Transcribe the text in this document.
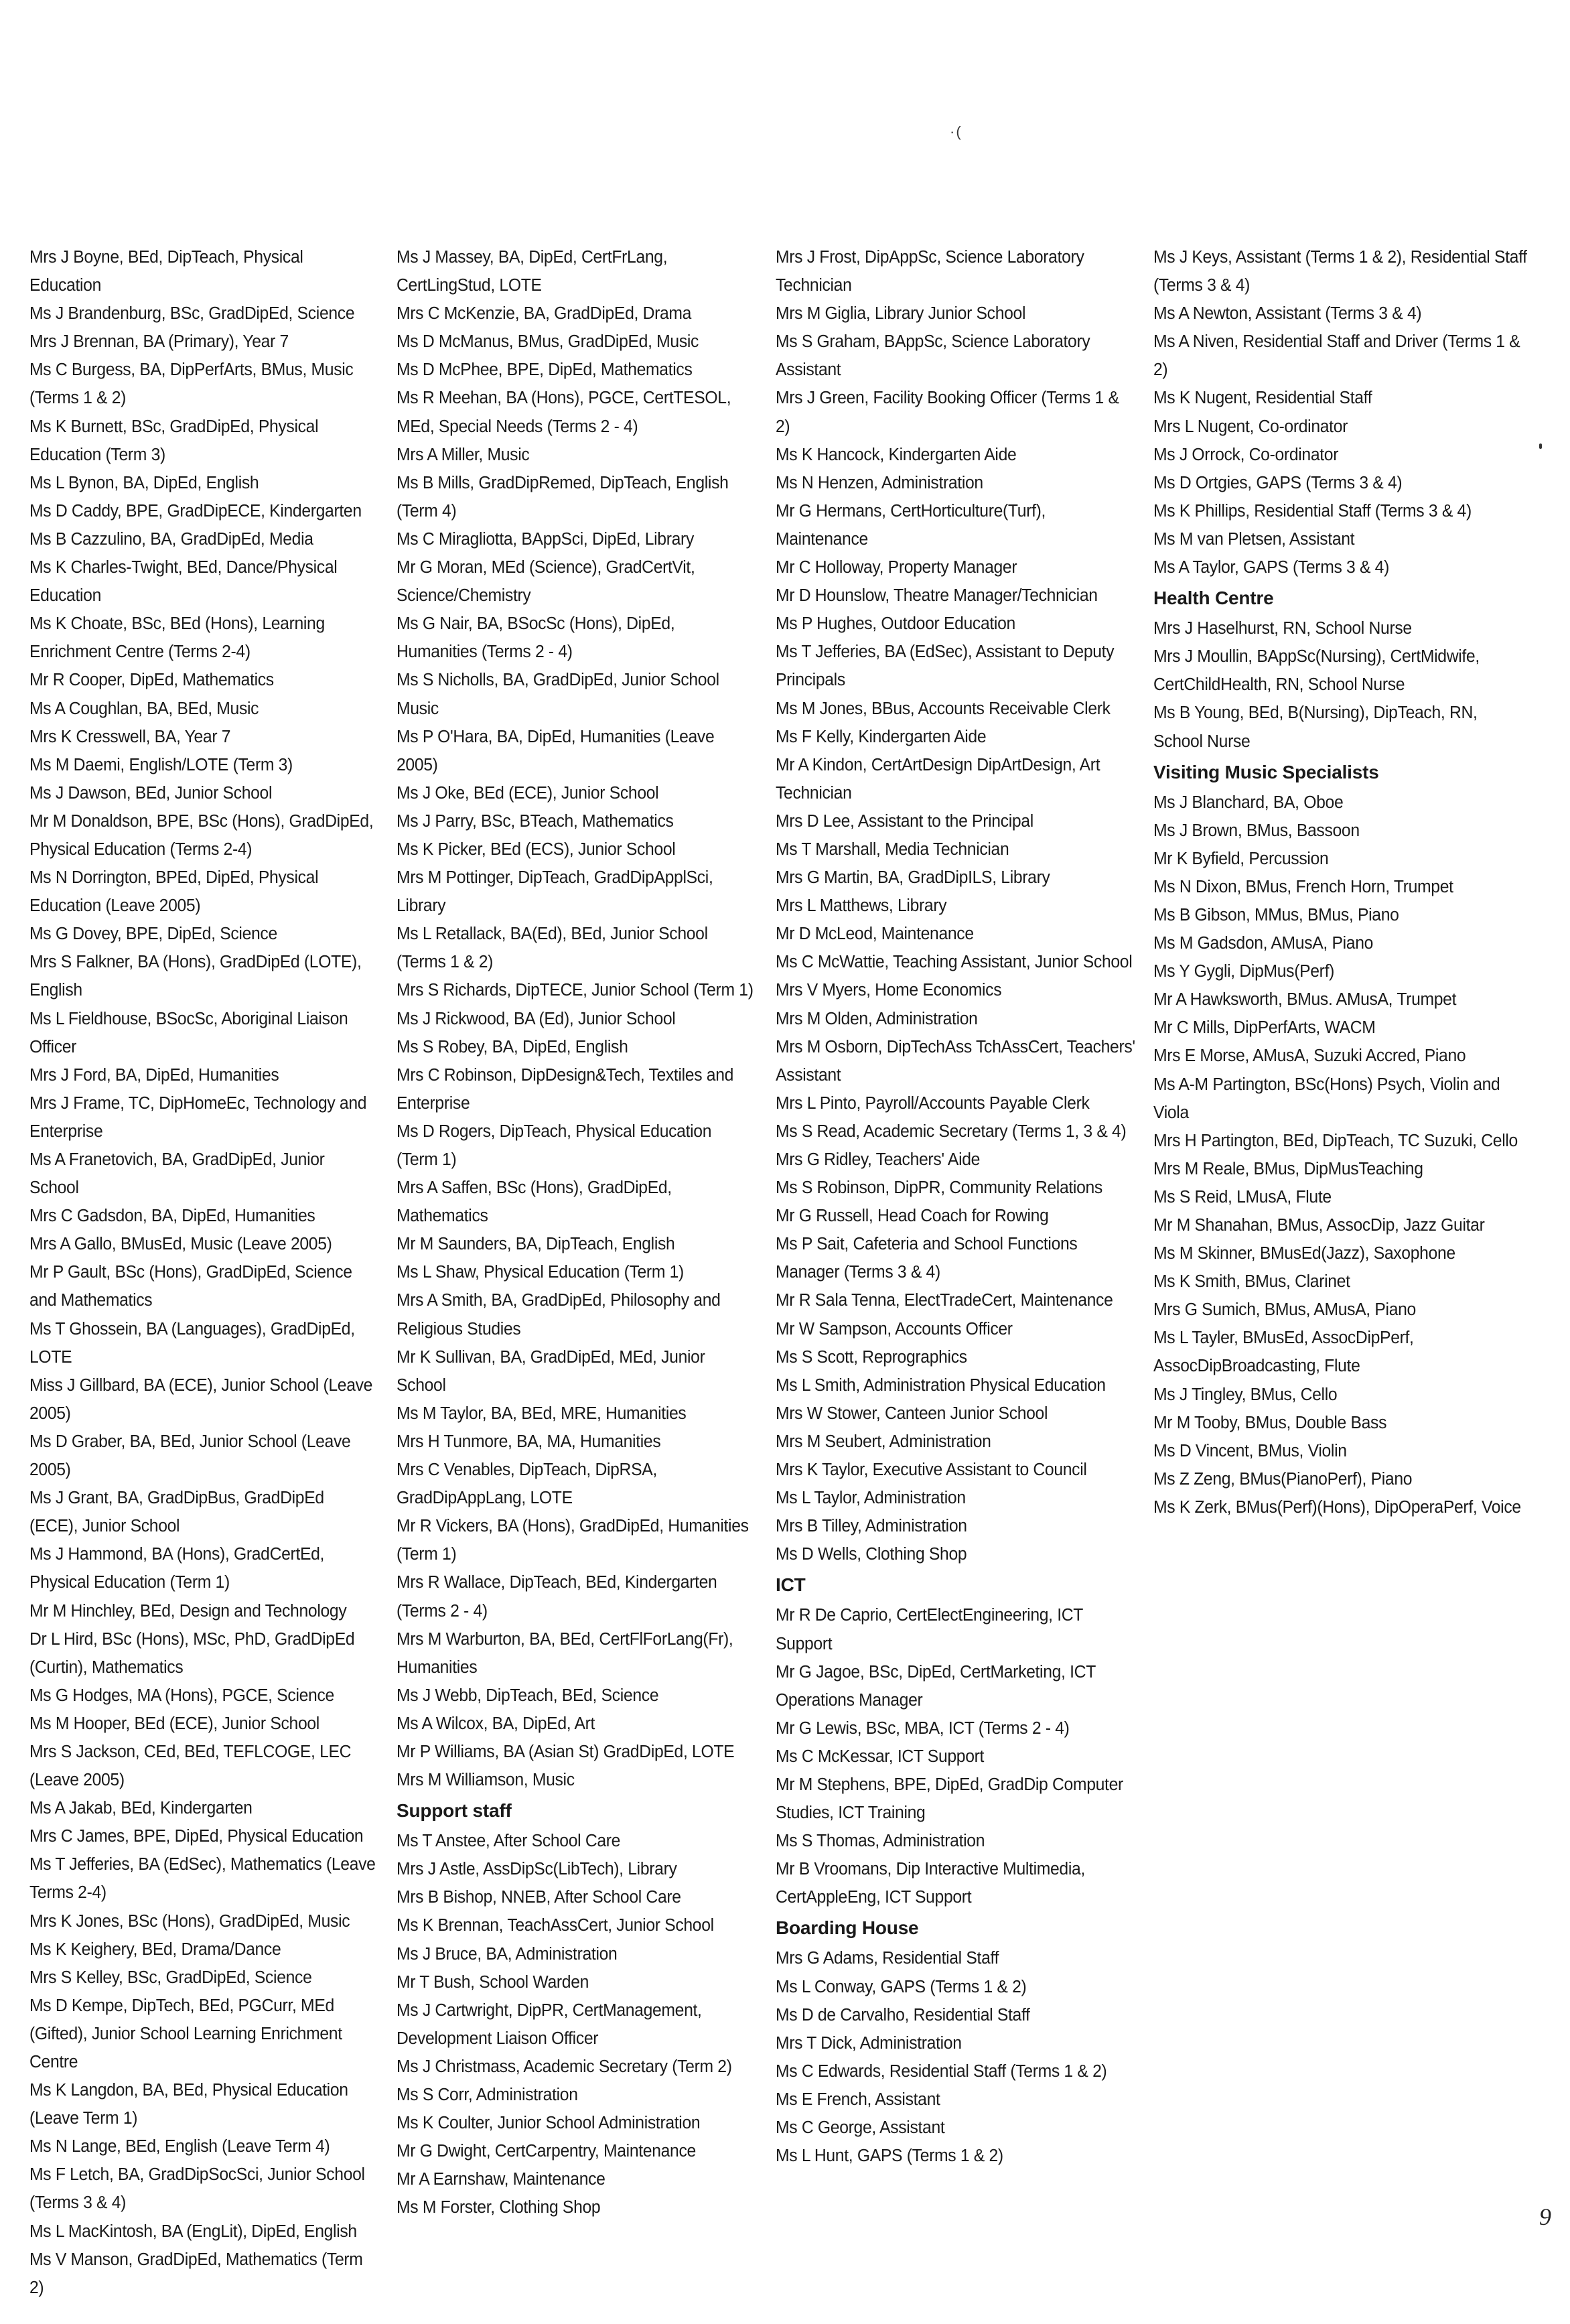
·(
Mrs J Boyne, BEd, DipTeach, Physical Education
Ms J Brandenburg, BSc, GradDipEd, Science
Mrs J Brennan, BA (Primary), Year 7
Ms C Burgess, BA, DipPerfArts, BMus, Music (Terms 1 & 2)
Ms K Burnett, BSc, GradDipEd, Physical Education (Term 3)
Ms L Bynon, BA, DipEd, English
Ms D Caddy, BPE, GradDipECE, Kindergarten
Ms B Cazzulino, BA, GradDipEd, Media
Ms K Charles-Twight, BEd, Dance/Physical Education
Ms K Choate, BSc, BEd (Hons), Learning Enrichment Centre (Terms 2-4)
Mr R Cooper, DipEd, Mathematics
Ms A Coughlan, BA, BEd, Music
Mrs K Cresswell, BA, Year 7
Ms M Daemi, English/LOTE (Term 3)
Ms J Dawson, BEd, Junior School
Mr M Donaldson, BPE, BSc (Hons), GradDipEd, Physical Education (Terms 2-4)
Ms N Dorrington, BPEd, DipEd, Physical Education (Leave 2005)
Ms G Dovey, BPE, DipEd, Science
Mrs S Falkner, BA (Hons), GradDipEd (LOTE), English
Ms L Fieldhouse, BSocSc, Aboriginal Liaison Officer
Mrs J Ford, BA, DipEd, Humanities
Mrs J Frame, TC, DipHomeEc, Technology and Enterprise
Ms A Franetovich, BA, GradDipEd, Junior School
Mrs C Gadsdon, BA, DipEd, Humanities
Mrs A Gallo, BMusEd, Music (Leave 2005)
Mr P Gault, BSc (Hons), GradDipEd, Science and Mathematics
Ms T Ghossein, BA (Languages), GradDipEd, LOTE
Miss J Gillbard, BA (ECE), Junior School (Leave 2005)
Ms D Graber, BA, BEd, Junior School (Leave 2005)
Ms J Grant, BA, GradDipBus, GradDipEd (ECE), Junior School
Ms J Hammond, BA (Hons), GradCertEd, Physical Education (Term 1)
Mr M Hinchley, BEd, Design and Technology
Dr L Hird, BSc (Hons), MSc, PhD, GradDipEd (Curtin), Mathematics
Ms G Hodges, MA (Hons), PGCE, Science
Ms M Hooper, BEd (ECE), Junior School
Mrs S Jackson, CEd, BEd, TEFLCOGE, LEC (Leave 2005)
Ms A Jakab, BEd, Kindergarten
Mrs C James, BPE, DipEd, Physical Education
Ms T Jefferies, BA (EdSec), Mathematics (Leave Terms 2-4)
Mrs K Jones, BSc (Hons), GradDipEd, Music
Ms K Keighery, BEd, Drama/Dance
Mrs S Kelley, BSc, GradDipEd, Science
Ms D Kempe, DipTech, BEd, PGCurr, MEd (Gifted), Junior School Learning Enrichment Centre
Ms K Langdon, BA, BEd, Physical Education (Leave Term 1)
Ms N Lange, BEd, English (Leave Term 4)
Ms F Letch, BA, GradDipSocSci, Junior School (Terms 3 & 4)
Ms L MacKintosh, BA (EngLit), DipEd, English
Ms V Manson, GradDipEd, Mathematics (Term 2)
Ms J Massey, BA, DipEd, CertFrLang, CertLingStud, LOTE
Mrs C McKenzie, BA, GradDipEd, Drama
Ms D McManus, BMus, GradDipEd, Music
Ms D McPhee, BPE, DipEd, Mathematics
Ms R Meehan, BA (Hons), PGCE, CertTESOL, MEd, Special Needs (Terms 2 - 4)
Mrs A Miller, Music
Ms B Mills, GradDipRemed, DipTeach, English (Term 4)
Ms C Miragliotta, BAppSci, DipEd, Library
Mr G Moran, MEd (Science), GradCertVit, Science/Chemistry
Ms G Nair, BA, BSocSc (Hons), DipEd, Humanities (Terms 2 - 4)
Ms S Nicholls, BA, GradDipEd, Junior School Music
Ms P O'Hara, BA, DipEd, Humanities (Leave 2005)
Ms J Oke, BEd (ECE), Junior School
Ms J Parry, BSc, BTeach, Mathematics
Ms K Picker, BEd (ECS), Junior School
Mrs M Pottinger, DipTeach, GradDipApplSci, Library
Ms L Retallack, BA(Ed), BEd, Junior School (Terms 1 & 2)
Mrs S Richards, DipTECE, Junior School (Term 1)
Ms J Rickwood, BA (Ed), Junior School
Ms S Robey, BA, DipEd, English
Mrs C Robinson, DipDesign&Tech, Textiles and Enterprise
Ms D Rogers, DipTeach, Physical Education (Term 1)
Mrs A Saffen, BSc (Hons), GradDipEd, Mathematics
Mr M Saunders, BA, DipTeach, English
Ms L Shaw, Physical Education (Term 1)
Mrs A Smith, BA, GradDipEd, Philosophy and Religious Studies
Mr K Sullivan, BA, GradDipEd, MEd, Junior School
Ms M Taylor, BA, BEd, MRE, Humanities
Mrs H Tunmore, BA, MA, Humanities
Mrs C Venables, DipTeach, DipRSA, GradDipAppLang, LOTE
Mr R Vickers, BA (Hons), GradDipEd, Humanities (Term 1)
Mrs R Wallace, DipTeach, BEd, Kindergarten (Terms 2 - 4)
Mrs M Warburton, BA, BEd, CertFlForLang(Fr), Humanities
Ms J Webb, DipTeach, BEd, Science
Ms A Wilcox, BA, DipEd, Art
Mr P Williams, BA (Asian St) GradDipEd, LOTE
Mrs M Williamson, Music
Support staff
Ms T Anstee, After School Care
Mrs J Astle, AssDipSc(LibTech), Library
Mrs B Bishop, NNEB, After School Care
Ms K Brennan, TeachAssCert, Junior School
Ms J Bruce, BA, Administration
Mr T Bush, School Warden
Ms J Cartwright, DipPR, CertManagement, Development Liaison Officer
Ms J Christmass, Academic Secretary (Term 2)
Ms S Corr, Administration
Ms K Coulter, Junior School Administration
Mr G Dwight, CertCarpentry, Maintenance
Mr A Earnshaw, Maintenance
Ms M Forster, Clothing Shop
Mrs J Frost, DipAppSc, Science Laboratory Technician
Mrs M Giglia, Library Junior School
Ms S Graham, BAppSc, Science Laboratory Assistant
Mrs J Green, Facility Booking Officer (Terms 1 & 2)
Ms K Hancock, Kindergarten Aide
Ms N Henzen, Administration
Mr G Hermans, CertHorticulture(Turf), Maintenance
Mr C Holloway, Property Manager
Mr D Hounslow, Theatre Manager/Technician
Ms P Hughes, Outdoor Education
Ms T Jefferies, BA (EdSec), Assistant to Deputy Principals
Ms M Jones, BBus, Accounts Receivable Clerk
Ms F Kelly, Kindergarten Aide
Mr A Kindon, CertArtDesign DipArtDesign, Art Technician
Mrs D Lee, Assistant to the Principal
Ms T Marshall, Media Technician
Mrs G Martin, BA, GradDipILS, Library
Mrs L Matthews, Library
Mr D McLeod, Maintenance
Ms C McWattie, Teaching Assistant, Junior School
Mrs V Myers, Home Economics
Mrs M Olden, Administration
Mrs M Osborn, DipTechAss TchAssCert, Teachers' Assistant
Mrs L Pinto, Payroll/Accounts Payable Clerk
Ms S Read, Academic Secretary (Terms 1, 3 & 4)
Mrs G Ridley, Teachers' Aide
Ms S Robinson, DipPR, Community Relations
Mr G Russell, Head Coach for Rowing
Ms P Sait, Cafeteria and School Functions Manager (Terms 3 & 4)
Mr R Sala Tenna, ElectTradeCert, Maintenance
Mr W Sampson, Accounts Officer
Ms S Scott, Reprographics
Ms L Smith, Administration Physical Education
Mrs W Stower, Canteen Junior School
Mrs M Seubert, Administration
Mrs K Taylor, Executive Assistant to Council
Ms L Taylor, Administration
Mrs B Tilley, Administration
Ms D Wells, Clothing Shop
ICT
Mr R De Caprio, CertElectEngineering, ICT Support
Mr G Jagoe, BSc, DipEd, CertMarketing, ICT Operations Manager
Mr G Lewis, BSc, MBA, ICT (Terms 2 - 4)
Ms C McKessar, ICT Support
Mr M Stephens, BPE, DipEd, GradDip Computer Studies, ICT Training
Ms S Thomas, Administration
Mr B Vroomans, Dip Interactive Multimedia, CertAppleEng, ICT Support
Boarding House
Mrs G Adams, Residential Staff
Ms L Conway, GAPS (Terms 1 & 2)
Ms D de Carvalho, Residential Staff
Mrs T Dick, Administration
Ms C Edwards, Residential Staff (Terms 1 & 2)
Ms E French, Assistant
Ms C George, Assistant
Ms L Hunt, GAPS (Terms 1 & 2)
Ms J Keys, Assistant (Terms 1 & 2), Residential Staff (Terms 3 & 4)
Ms A Newton, Assistant (Terms 3 & 4)
Ms A Niven, Residential Staff and Driver (Terms 1 & 2)
Ms K Nugent, Residential Staff
Mrs L Nugent, Co-ordinator
Ms J Orrock, Co-ordinator
Ms D Ortgies, GAPS (Terms 3 & 4)
Ms K Phillips, Residential Staff (Terms 3 & 4)
Ms M van Pletsen, Assistant
Ms A Taylor, GAPS (Terms 3 & 4)
Health Centre
Mrs J Haselhurst, RN, School Nurse
Mrs J Moullin, BAppSc(Nursing), CertMidwife, CertChildHealth, RN, School Nurse
Ms B Young, BEd, B(Nursing), DipTeach, RN, School Nurse
Visiting Music Specialists
Ms J Blanchard, BA, Oboe
Ms J Brown, BMus, Bassoon
Mr K Byfield, Percussion
Ms N Dixon, BMus, French Horn, Trumpet
Ms B Gibson, MMus, BMus, Piano
Ms M Gadsdon, AMusA, Piano
Ms Y Gygli, DipMus(Perf)
Mr A Hawksworth, BMus. AMusA, Trumpet
Mr C Mills, DipPerfArts, WACM
Mrs E Morse, AMusA, Suzuki Accred, Piano
Ms A-M Partington, BSc(Hons) Psych, Violin and Viola
Mrs H Partington, BEd, DipTeach, TC Suzuki, Cello
Mrs M Reale, BMus, DipMusTeaching
Ms S Reid, LMusA, Flute
Mr M Shanahan, BMus, AssocDip, Jazz Guitar
Ms M Skinner, BMusEd(Jazz), Saxophone
Ms K Smith, BMus, Clarinet
Mrs G Sumich, BMus, AMusA, Piano
Ms L Tayler, BMusEd, AssocDipPerf, AssocDipBroadcasting, Flute
Ms J Tingley, BMus, Cello
Mr M Tooby, BMus, Double Bass
Ms D Vincent, BMus, Violin
Ms Z Zeng, BMus(PianoPerf), Piano
Ms K Zerk, BMus(Perf)(Hons), DipOperaPerf, Voice
9
